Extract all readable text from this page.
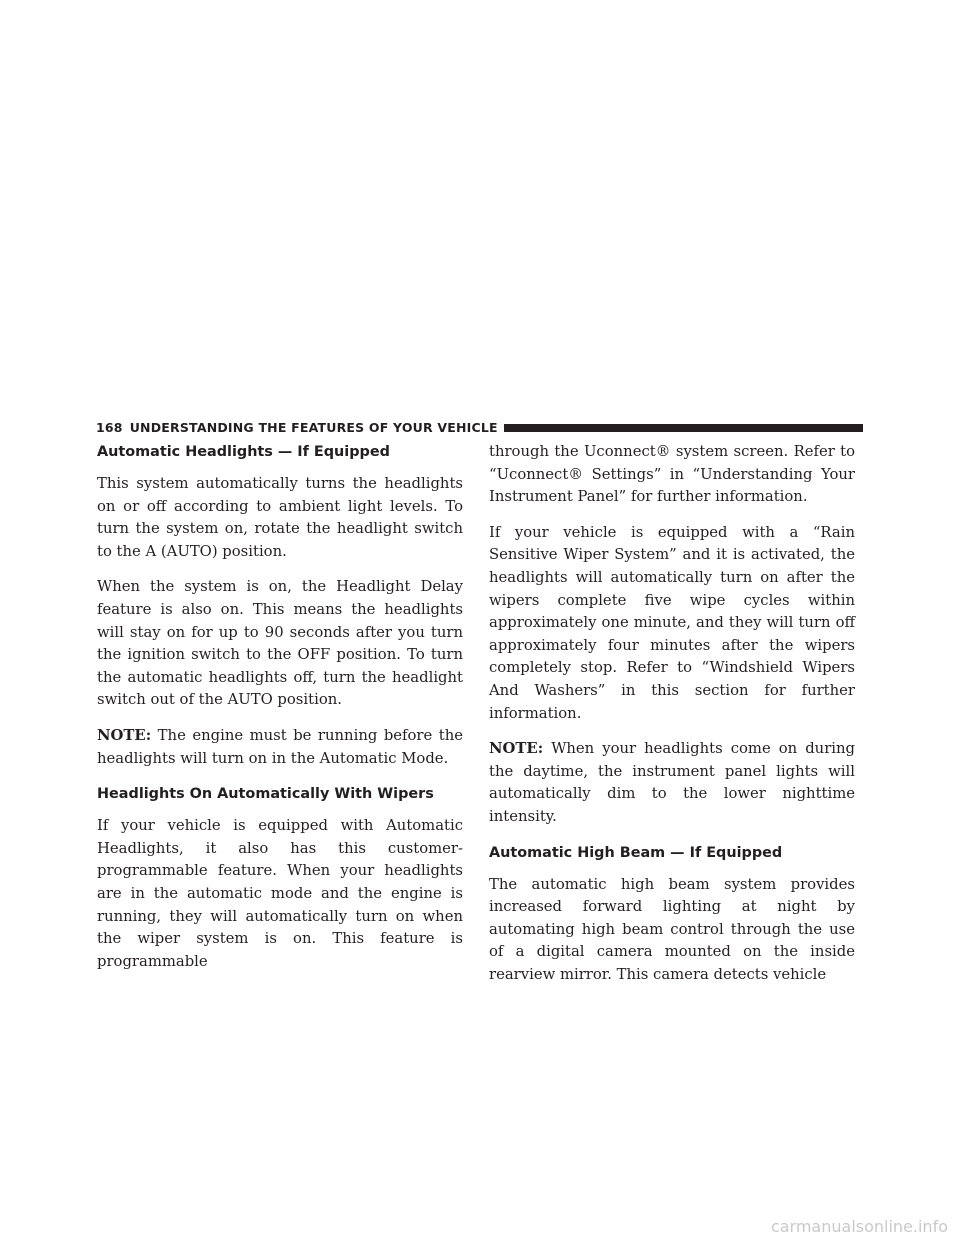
168 UNDERSTANDING THE FEATURES OF YOUR VEHICLE
Automatic Headlights — If Equipped

This system automatically turns the headlights on or off according to ambient light levels. To turn the system on, rotate the headlight switch to the A (AUTO) position.

When the system is on, the Headlight Delay feature is also on. This means the headlights will stay on for up to 90 seconds after you turn the ignition switch to the OFF position. To turn the automatic headlights off, turn the headlight switch out of the AUTO position.

NOTE: The engine must be running before the headlights will turn on in the Automatic Mode.

Headlights On Automatically With Wipers

If your vehicle is equipped with Automatic Headlights, it also has this customer-programmable feature. When your headlights are in the automatic mode and the engine is running, they will automatically turn on when the wiper system is on. This feature is programmable

through the Uconnect® system screen. Refer to “Uconnect® Settings” in “Understanding Your Instrument Panel” for further information.

If your vehicle is equipped with a “Rain Sensitive Wiper System” and it is activated, the headlights will automatically turn on after the wipers complete five wipe cycles within approximately one minute, and they will turn off approximately four minutes after the wipers completely stop. Refer to “Windshield Wipers And Washers” in this section for further information.

NOTE: When your headlights come on during the daytime, the instrument panel lights will automatically dim to the lower nighttime intensity.

Automatic High Beam — If Equipped

The automatic high beam system provides increased forward lighting at night by automating high beam control through the use of a digital camera mounted on the inside rearview mirror. This camera detects vehicle

carmanualsonline.info
